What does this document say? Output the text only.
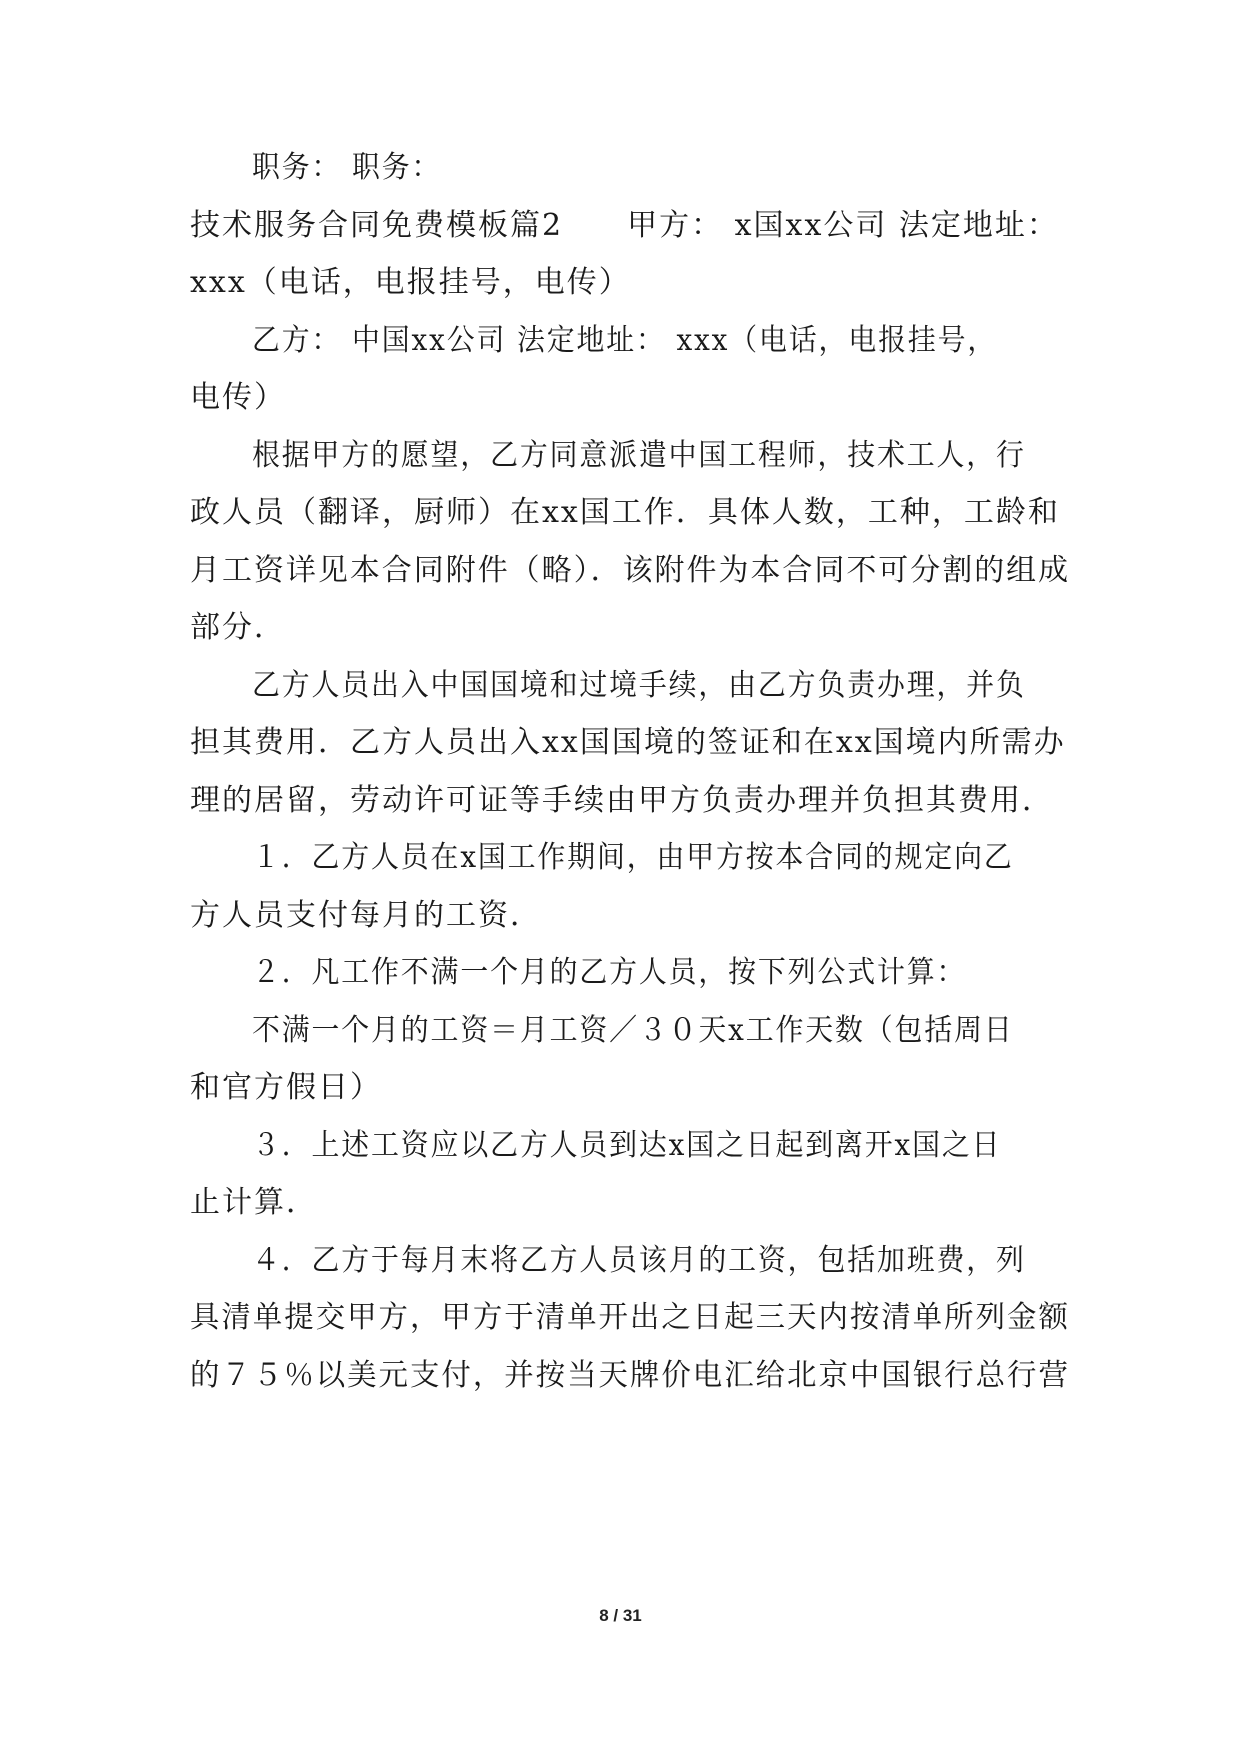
职务： 职务：
技术服务合同免费模板篇2　　甲方： x国xx公司 法定地址：
xxx（电话，电报挂号，电传）
乙方： 中国xx公司 法定地址： xxx（电话，电报挂号，
电传）
根据甲方的愿望，乙方同意派遣中国工程师，技术工人，行
政人员（翻译，厨师）在xx国工作．具体人数，工种，工龄和
月工资详见本合同附件（略）．该附件为本合同不可分割的组成
部分．
乙方人员出入中国国境和过境手续，由乙方负责办理，并负
担其费用．乙方人员出入xx国国境的签证和在xx国境内所需办
理的居留，劳动许可证等手续由甲方负责办理并负担其费用．
１．乙方人员在x国工作期间，由甲方按本合同的规定向乙
方人员支付每月的工资．
２．凡工作不满一个月的乙方人员，按下列公式计算：
不满一个月的工资＝月工资／３０天x工作天数（包括周日
和官方假日）
３．上述工资应以乙方人员到达x国之日起到离开x国之日
止计算．
４．乙方于每月末将乙方人员该月的工资，包括加班费，列
具清单提交甲方，甲方于清单开出之日起三天内按清单所列金额
的７５％以美元支付，并按当天牌价电汇给北京中国银行总行营
8 / 31
